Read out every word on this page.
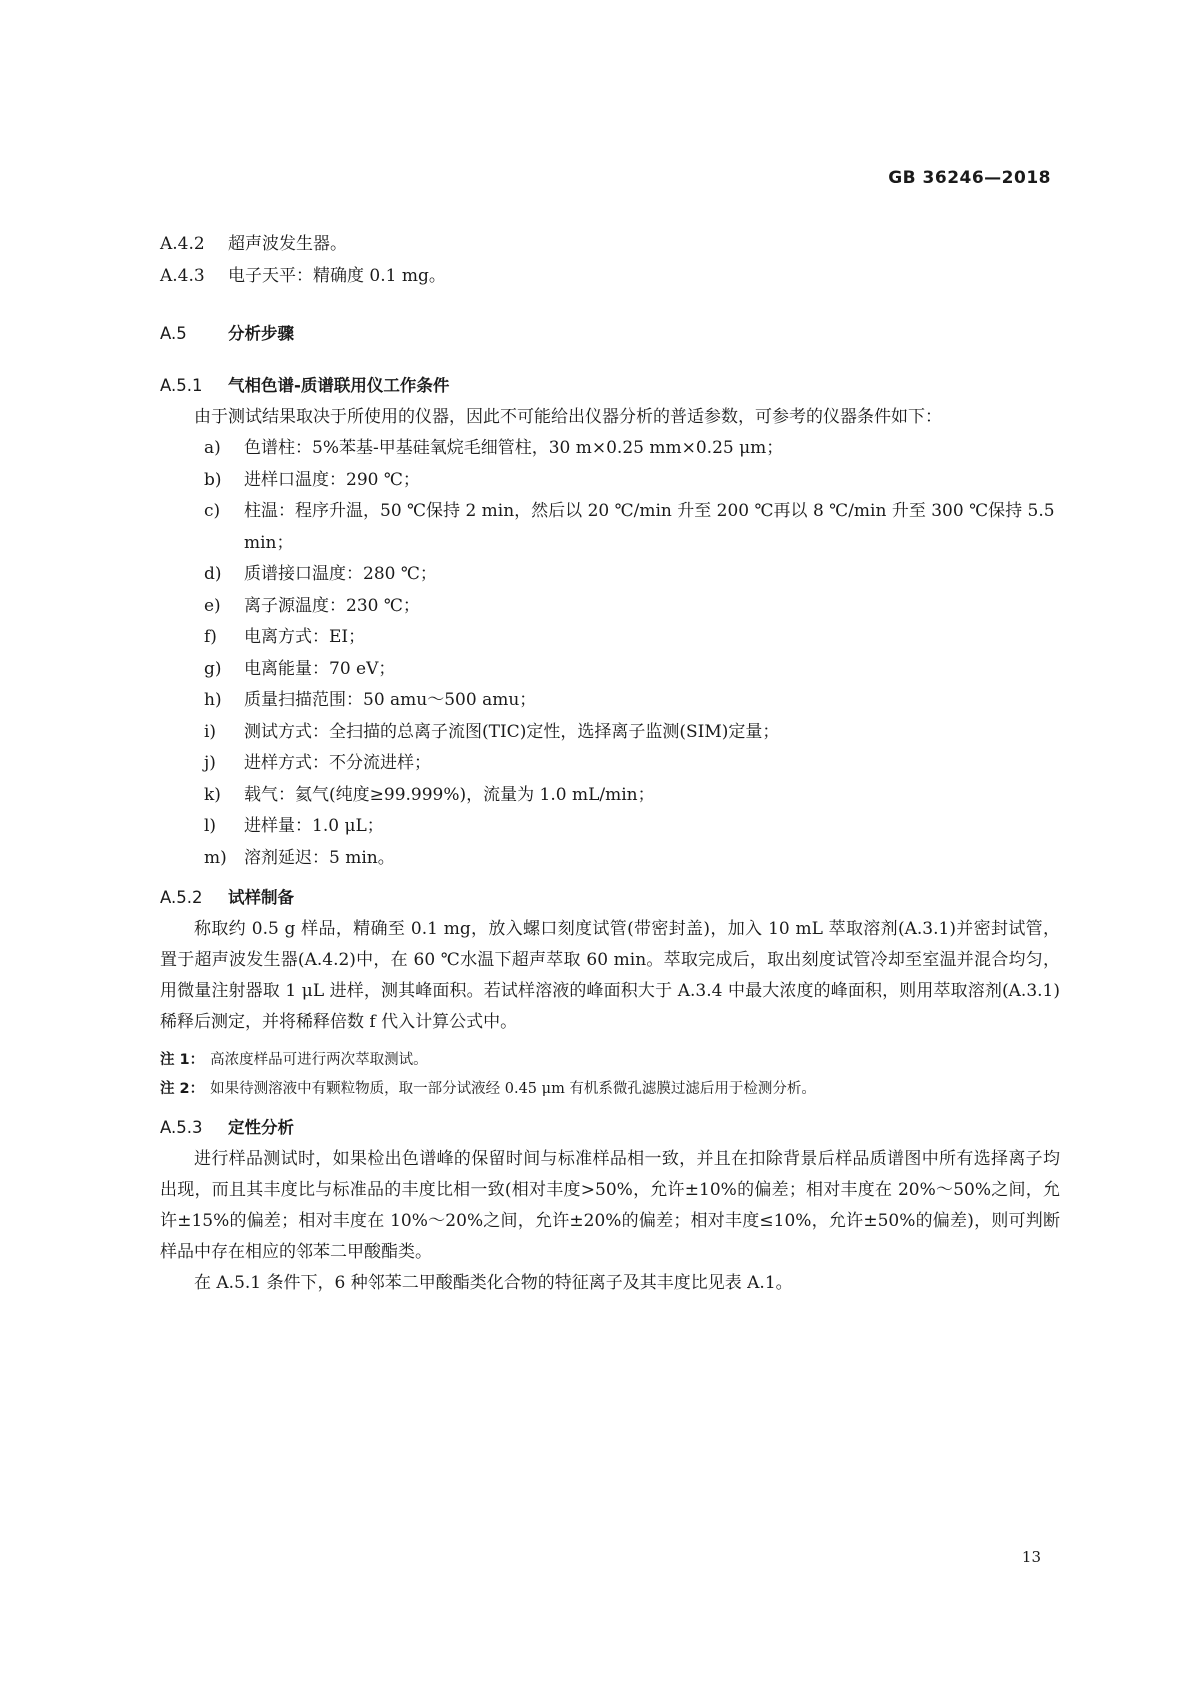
GB 36246—2018
A.4.2 超声波发生器。
A.4.3 电子天平：精确度 0.1 mg。
A.5	分析步骤
A.5.1 气相色谱-质谱联用仪工作条件

由于测试结果取决于所使用的仪器，因此不可能给出仪器分析的普适参数，可参考的仪器条件如下：

a) 色谱柱：5%苯基-甲基硅氧烷毛细管柱，30 m×0.25 mm×0.25 μm；
b) 进样口温度：290 ℃；
c) 柱温：程序升温，50 ℃保持 2 min，然后以 20 ℃/min 升至 200 ℃再以 8 ℃/min 升至 300 ℃保持 5.5 min；
d) 质谱接口温度：280 ℃；
e) 离子源温度：230 ℃；
f) 电离方式：EI；
g) 电离能量：70 eV；
h) 质量扫描范围：50 amu～500 amu；
i) 测试方式：全扫描的总离子流图(TIC)定性，选择离子监测(SIM)定量；
j) 进样方式：不分流进样；
k) 载气：氦气(纯度≥99.999%)，流量为 1.0 mL/min；
l) 进样量：1.0 μL；
m) 溶剂延迟：5 min。
A.5.2 试样制备

称取约 0.5 g 样品，精确至 0.1 mg，放入螺口刻度试管(带密封盖)，加入 10 mL 萃取溶剂(A.3.1)并密封试管，置于超声波发生器(A.4.2)中，在 60 ℃水温下超声萃取 60 min。萃取完成后，取出刻度试管冷却至室温并混合均匀，用微量注射器取 1 μL 进样，测其峰面积。若试样溶液的峰面积大于 A.3.4 中最大浓度的峰面积，则用萃取溶剂(A.3.1)稀释后测定，并将稀释倍数 f 代入计算公式中。

注 1： 高浓度样品可进行两次萃取测试。
注 2： 如果待测溶液中有颗粒物质，取一部分试液经 0.45 μm 有机系微孔滤膜过滤后用于检测分析。
A.5.3 定性分析

进行样品测试时，如果检出色谱峰的保留时间与标准样品相一致，并且在扣除背景后样品质谱图中所有选择离子均出现，而且其丰度比与标准品的丰度比相一致(相对丰度>50%，允许±10%的偏差；相对丰度在 20%～50%之间，允许±15%的偏差；相对丰度在 10%～20%之间，允许±20%的偏差；相对丰度≤10%，允许±50%的偏差)，则可判断样品中存在相应的邻苯二甲酸酯类。

在 A.5.1 条件下，6 种邻苯二甲酸酯类化合物的特征离子及其丰度比见表 A.1。

13
